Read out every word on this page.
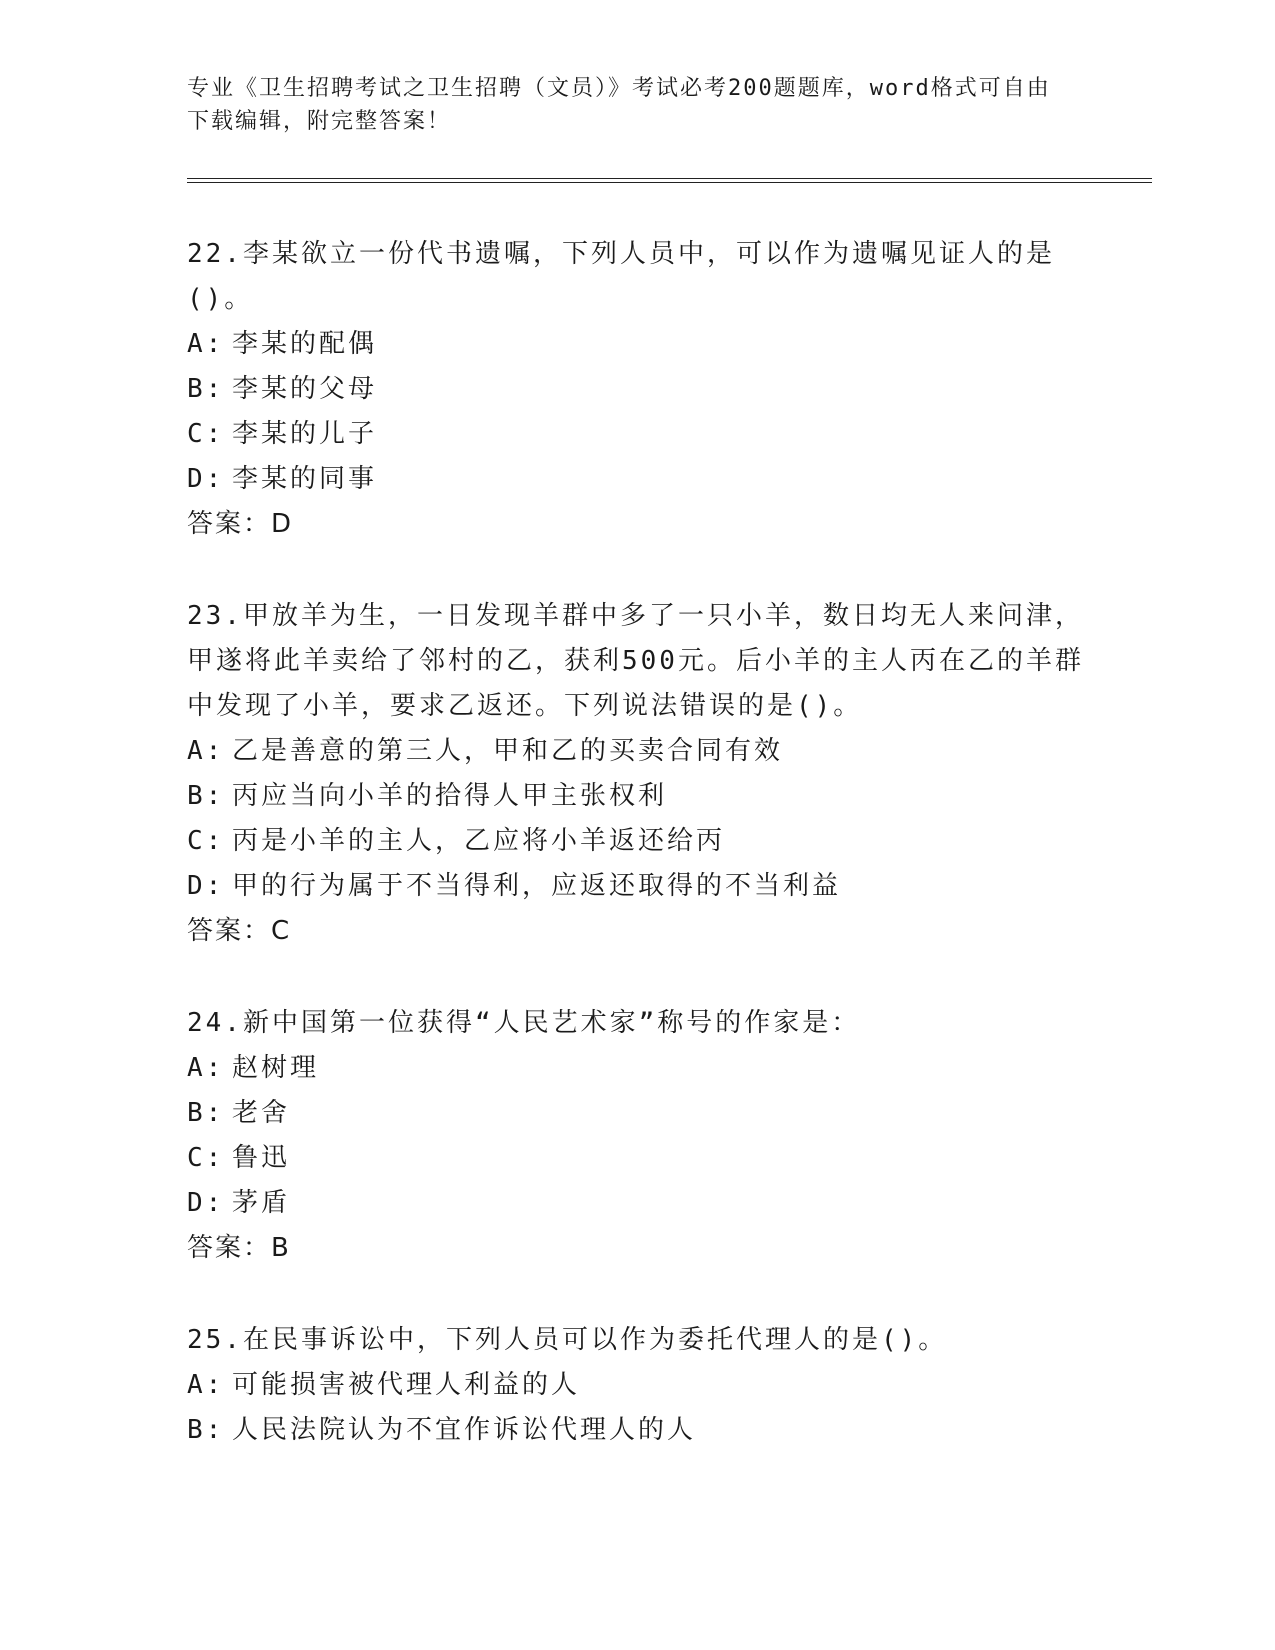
专业《卫生招聘考试之卫生招聘（文员）》考试必考200题题库，word格式可自由下载编辑，附完整答案！

22.李某欲立一份代书遗嘱，下列人员中，可以作为遗嘱见证人的是()。

A: 李某的配偶

B: 李某的父母

C: 李某的儿子

D: 李某的同事

答案：D

23.甲放羊为生，一日发现羊群中多了一只小羊，数日均无人来问津，甲遂将此羊卖给了邻村的乙，获利500元。后小羊的主人丙在乙的羊群中发现了小羊，要求乙返还。下列说法错误的是()。

A: 乙是善意的第三人，甲和乙的买卖合同有效

B: 丙应当向小羊的拾得人甲主张权利

C: 丙是小羊的主人，乙应将小羊返还给丙

D: 甲的行为属于不当得利，应返还取得的不当利益

答案：C

24.新中国第一位获得“人民艺术家”称号的作家是：

A: 赵树理

B: 老舍

C: 鲁迅

D: 茅盾

答案：B

25.在民事诉讼中，下列人员可以作为委托代理人的是()。

A: 可能损害被代理人利益的人

B: 人民法院认为不宜作诉讼代理人的人
